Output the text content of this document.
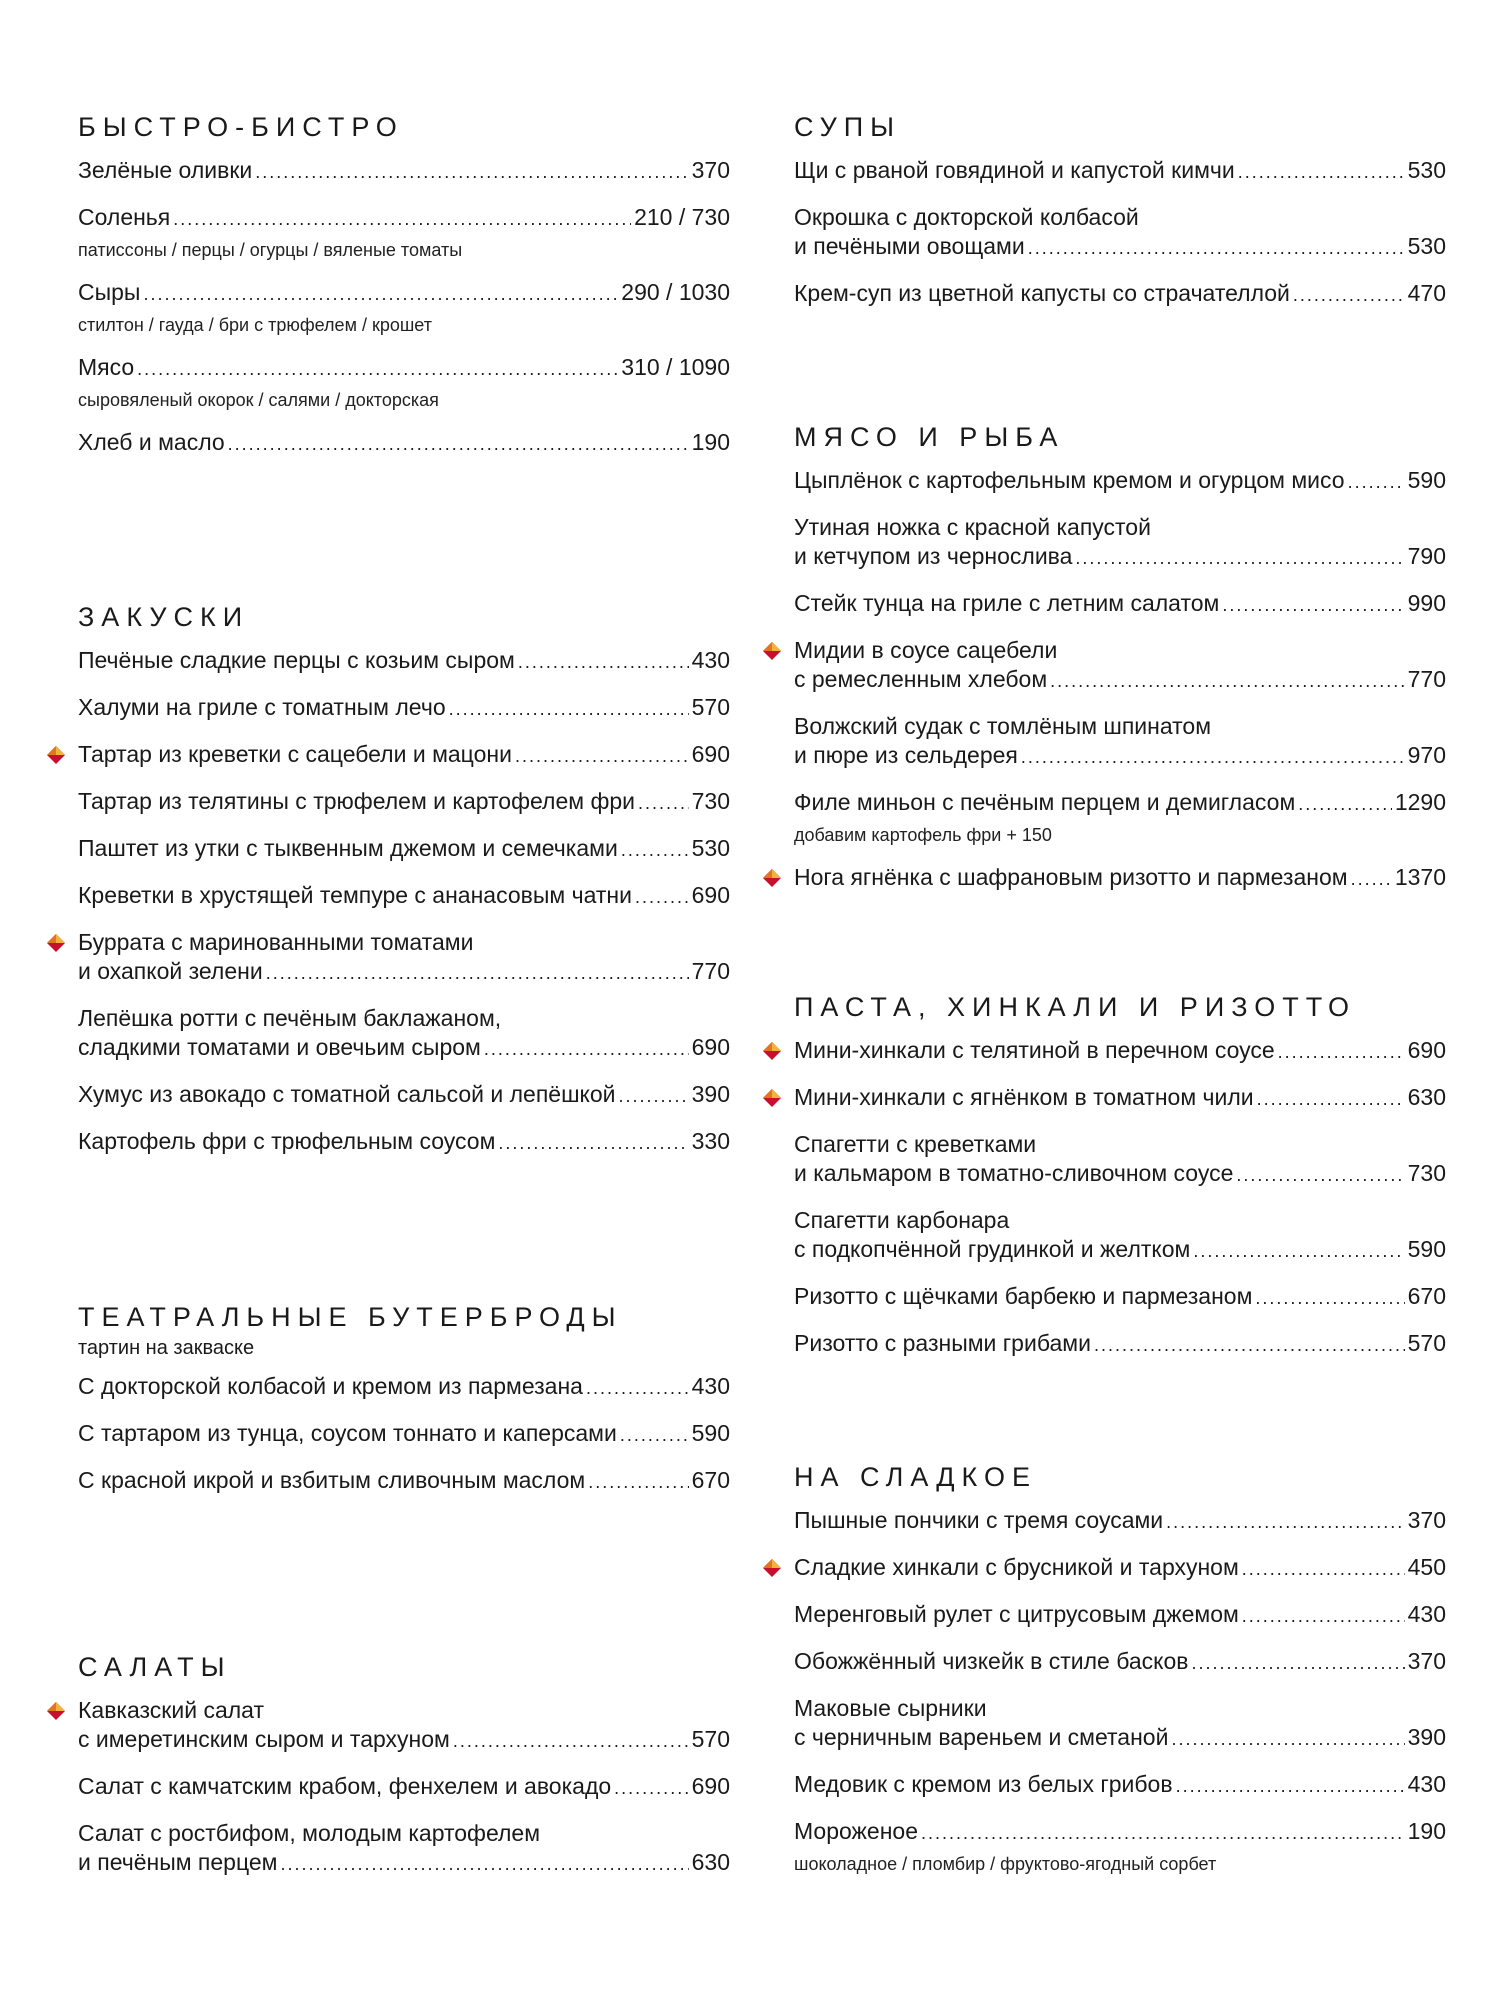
БЫСТРО-БИСТРО
Зелёные оливки . . .	370
Соленья . . .	210 / 730
патиссоны / перцы / огурцы / вяленые томаты
Сыры . . .	290 / 1030
стилтон / гауда / бри с трюфелем / крошет
Мясо . . .	310 / 1090
сыровяленый окорок / салями / докторская
Хлеб и масло . . .	190
ЗАКУСКИ
Печёные сладкие перцы с козьим сыром . . .	430
Халуми на гриле с томатным лечо . . .	570
Тартар из креветки с сацебели и мацони . . .	690
Тартар из телятины с трюфелем и картофелем фри . . . 730
Паштет из утки с тыквенным джемом и семечками . . .	530
Креветки в хрустящей темпуре с ананасовым чатни . . .	690
Буррата с маринованными томатами
и охапкой зелени . . .	770
Лепёшка ротти с печёным баклажаном,
сладкими томатами и овечьим сыром . . .	690
Хумус из авокадо с томатной сальсой и лепёшкой . . .	390
Картофель фри с трюфельным соусом . . .	330
ТЕАТРАЛЬНЫЕ БУТЕРБРОДЫ
тартин на закваске
С докторской колбасой и кремом из пармезана . . .	430
С тартаром из тунца, соусом тоннато и каперсами . . .	590
С красной икрой и взбитым сливочным маслом . . .	670
САЛАТЫ
Кавказский салат
с имеретинским сыром и тархуном . . .	570
Салат с камчатским крабом, фенхелем и авокадо . . .	690
Салат с ростбифом, молодым картофелем
и печёным перцем . . .	630
СУПЫ
Щи с рваной говядиной и капустой кимчи . . .	530
Окрошка с докторской колбасой
и печёными овощами . . .	530
Крем-суп из цветной капусты со страчателлой . . .	470
МЯСО И РЫБА
Цыплёнок с картофельным кремом и огурцом мисо . . .	590
Утиная ножка с красной капустой
и кетчупом из чернослива . . .	790
Стейк тунца на гриле с летним салатом . . .	990
Мидии в соусе сацебели
с ремесленным хлебом . . .	770
Волжский судак с томлёным шпинатом
и пюре из сельдерея . . .	970
Филе миньон с печёным перцем и демигласом . . .	1290
добавим картофель фри + 150
Нога ягнёнка с шафрановым ризотто и пармезаном . . . 1370
ПАСТА, ХИНКАЛИ И РИЗОТТО
Мини-хинкали с телятиной в перечном соусе . . .	690
Мини-хинкали с ягнёнком в томатном чили . . .	630
Спагетти с креветками
и кальмаром в томатно-сливочном соусе . . .	730
Спагетти карбонара
с подкопчённой грудинкой и желтком . . .	590
Ризотто с щёчками барбекю и пармезаном . . .	670
Ризотто с разными грибами . . .	570
НА СЛАДКОЕ
Пышные пончики с тремя соусами . . .	370
Сладкие хинкали с брусникой и тархуном . . .	450
Меренговый рулет с цитрусовым джемом . . .	430
Обожжённый чизкейк в стиле басков . . .	370
Маковые сырники
с черничным вареньем и сметаной . . .	390
Медовик с кремом из белых грибов . . .	430
Мороженое . . .	190
шоколадное / пломбир / фруктово-ягодный сорбет
